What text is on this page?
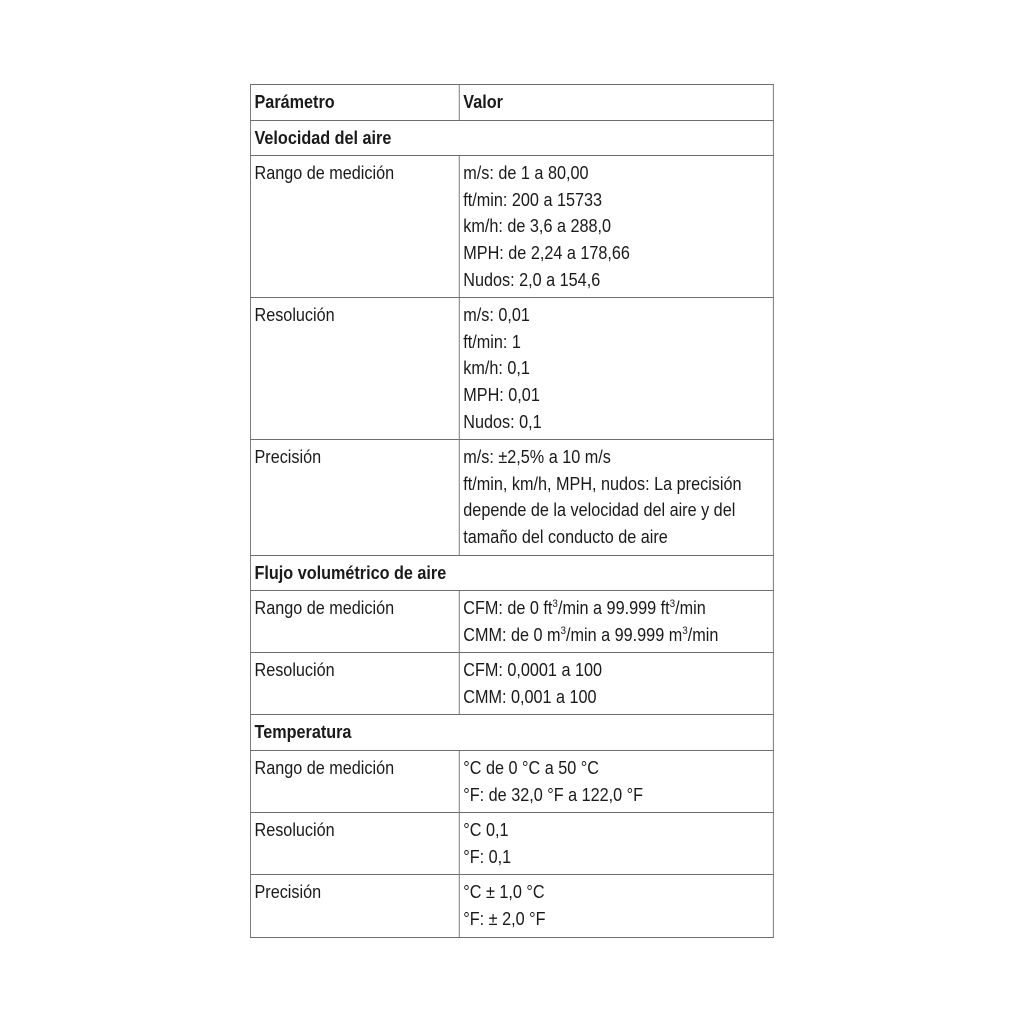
Parámetro	Valor
Velocidad del aire	
Rango de medición	m/s: de 1 a 80,00
ft/min: 200 a 15733
km/h: de 3,6 a 288,0
MPH: de 2,24 a 178,66
Nudos: 2,0 a 154,6

Resolución	m/s: 0,01
ft/min: 1
km/h: 0,1
MPH: 0,01
Nudos: 0,1

Precisión	m/s: ±2,5% a 10 m/s
ft/min, km/h, MPH, nudos: La precisión depende de la velocidad del aire y del tamaño del conducto de aire

Flujo volumétrico de aire	
Rango de medición	CFM: de 0 $ft^3/\min$ a 99.999 $ft^3/\min$
CMM: de 0 $m^3/\min$ a 99.999 $m^3/\min$

Resolución	CFM: 0,0001 a 100
CMM: 0,001 a 100

Temperatura	
Rango de medición	°C de 0 °C a 50 °C
°F: de 32,0 °F a 122,0 °F

Resolución	°C 0,1
°F: 0,1

Precisión	°C ± 1,0 °C
°F: ± 2,0 °F
